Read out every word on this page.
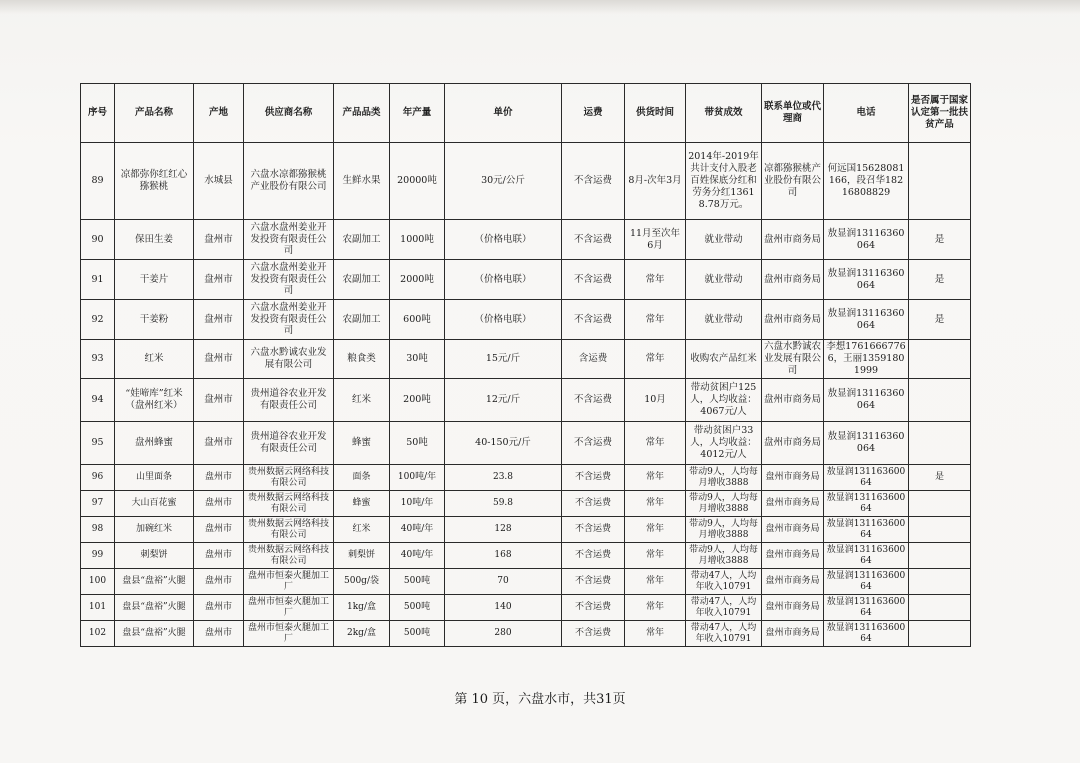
序号	产品名称	产地	供应商名称	产品品类	年产量	单价	运费	供货时间	带贫成效	联系单位或代理商	电话	是否属于国家认定第一批扶贫产品
89	凉都弥你红红心猕猴桃	水城县	六盘水凉都猕猴桃产业股份有限公司	生鲜水果	20000吨	30元/公斤	不含运费	8月-次年3月	2014年-2019年共计支付入股老百姓保底分红和劳务分红13618.78万元。	凉都猕猴桃产业股份有限公司	何远国15628081166，段召华18216808829	
90	保田生姜	盘州市	六盘水盘州姜业开发投资有限责任公司	农副加工	1000吨	（价格电联）	不含运费	11月至次年6月	就业带动	盘州市商务局	敖显润13116360064	是
91	干姜片	盘州市	六盘水盘州姜业开发投资有限责任公司	农副加工	2000吨	（价格电联）	不含运费	常年	就业带动	盘州市商务局	敖显润13116360064	是
92	干姜粉	盘州市	六盘水盘州姜业开发投资有限责任公司	农副加工	600吨	（价格电联）	不含运费	常年	就业带动	盘州市商务局	敖显润13116360064	是
93	红米	盘州市	六盘水黔诚农业发展有限公司	粮食类	30吨	15元/斤	含运费	常年	收购农产品红米	六盘水黔诚农业发展有限公司	李想17616667766，王丽13591801999	
94	“娃啼库”红米（盘州红米）	盘州市	贵州道谷农业开发有限责任公司	红米	200吨	12元/斤	不含运费	10月	带动贫困户125人，人均收益：4067元/人	盘州市商务局	敖显润13116360064	
95	盘州蜂蜜	盘州市	贵州道谷农业开发有限责任公司	蜂蜜	50吨	40-150元/斤	不含运费	常年	带动贫困户33人，人均收益：4012元/人	盘州市商务局	敖显润13116360064	
96	山里面条	盘州市	贵州数据云网络科技有限公司	面条	100吨/年	23.8	不含运费	常年	带动9人，人均每月增收3888	盘州市商务局	敖显润13116360064	是
97	大山百花蜜	盘州市	贵州数据云网络科技有限公司	蜂蜜	10吨/年	59.8	不含运费	常年	带动9人，人均每月增收3888	盘州市商务局	敖显润13116360064	
98	加碗红米	盘州市	贵州数据云网络科技有限公司	红米	40吨/年	128	不含运费	常年	带动9人，人均每月增收3888	盘州市商务局	敖显润13116360064	
99	刺梨饼	盘州市	贵州数据云网络科技有限公司	刺梨饼	40吨/年	168	不含运费	常年	带动9人，人均每月增收3888	盘州市商务局	敖显润13116360064	
100	盘县“盘裕”火腿	盘州市	盘州市恒泰火腿加工厂	500g/袋	500吨	70	不含运费	常年	带动47人，人均年收入10791	盘州市商务局	敖显润13116360064	
101	盘县“盘裕”火腿	盘州市	盘州市恒泰火腿加工厂	1kg/盒	500吨	140	不含运费	常年	带动47人，人均年收入10791	盘州市商务局	敖显润13116360064	
102	盘县“盘裕”火腿	盘州市	盘州市恒泰火腿加工厂	2kg/盒	500吨	280	不含运费	常年	带动47人，人均年收入10791	盘州市商务局	敖显润13116360064	
第 10 页，六盘水市，共31页
